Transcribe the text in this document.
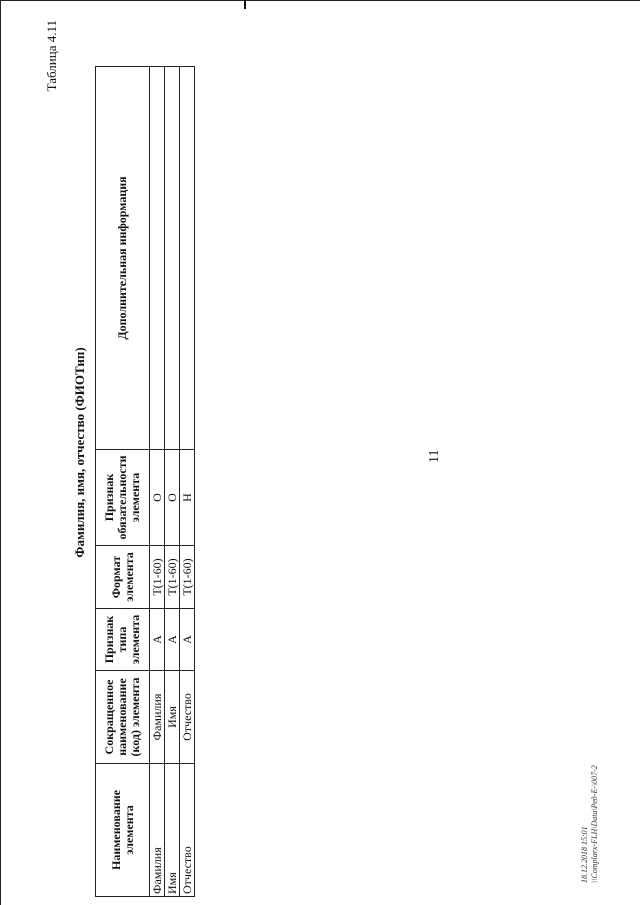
Таблица 4.11

11

Фамилия, имя, отчество (ФИОТип)

Наименование элемента	Сокращенное наименование (код) элемента	Признак типа элемента	Формат элемента	Признак обязательности элемента	Дополнительная информация
Фамилия	Фамилия	А	Т(1-60)	О	
Имя	Имя	А	Т(1-60)	О	
Отчество	Отчество	А	Т(1-60)	Н	
18.12.2018 15:01 \\Complarx-FLH\Data\Ред-E-\007-2
